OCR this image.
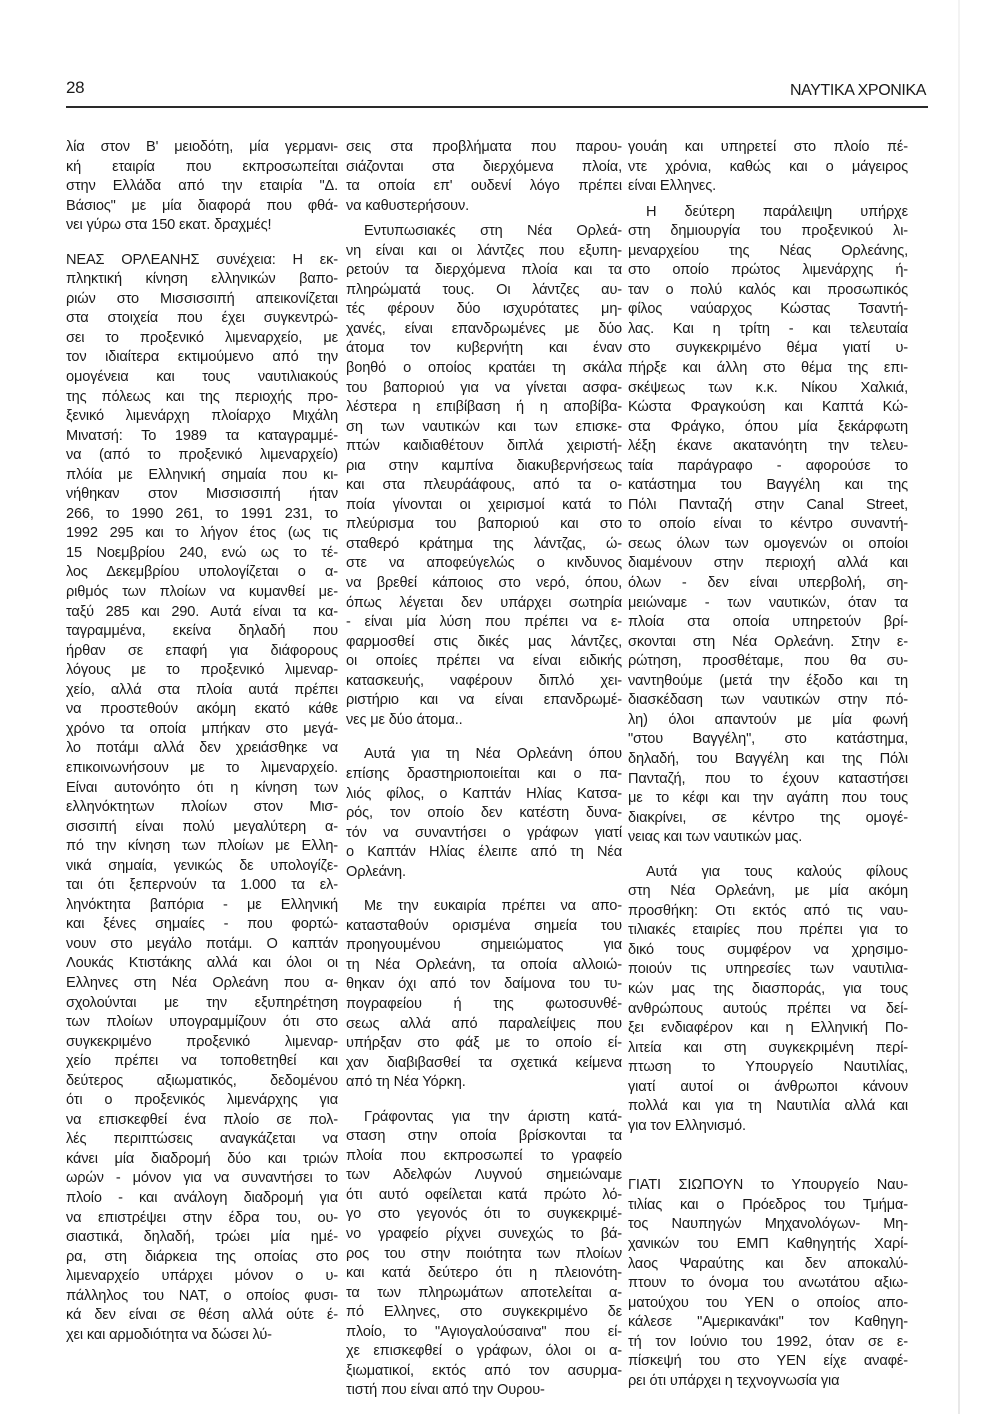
28	ΝΑΥΤΙΚΑ ΧΡΟΝΙΚΑ

λία στον Β' μειοδότη, μία γερμανι-
κή εταιρία που εκπροσωπείται
στην Ελλάδα από την εταιρία "Δ.
Βάσιος" με μία διαφορά που φθά-
νει γύρω στα 150 εκατ. δραχμές!

ΝΕΑΣ ΟΡΛΕΑΝΗΣ συνέχεια: Η εκ-
πληκτική κίνηση ελληνικών βαπο-
ριών στο Μισσισσιπή απεικονίζεται
στα στοιχεία που έχει συγκεντρώ-
σει το προξενικό λιμεναρχείο, με
τον ιδιαίτερα εκτιμούμενο από την
ομογένεια και τους ναυτιλιακούς
της πόλεως και της περιοχής προ-
ξενικό λιμενάρχη πλοίαρχο Μιχάλη
Μινατσή: Το 1989 τα καταγραμμέ-
να (από το προξενικό λιμεναρχείο)
πλόία με Ελληνική σημαία που κι-
νήθηκαν στον Μισσισσιπή ήταν
266, το 1990 261, το 1991 231, το
1992 295 και το λήγον έτος (ως τις
15 Νοεμβρίου 240, ενώ ως το τέ-
λος Δεκεμβρίου υπολογίζεται ο α-
ριθμός των πλοίων να κυμανθεί με-
ταξύ 285 και 290. Αυτά είναι τα κα-
ταγραμμένα, εκείνα δηλαδή που
ήρθαν σε επαφή για διάφορους
λόγους με το προξενικό λιμεναρ-
χείο, αλλά στα πλοία αυτά πρέπει
να προστεθούν ακόμη εκατό κάθε
χρόνο τα οποία μπήκαν στο μεγά-
λο ποτάμι αλλά δεν χρειάσθηκε να
επικοινωνήσουν με το λιμεναρχείο.
Είναι αυτονόητο ότι η κίνηση των
ελληνόκτητων πλοίων στον Μισ-
σισσιπή είναι πολύ μεγαλύτερη α-
πό την κίνηση των πλοίων με Ελλη-
νικά σημαία, γενικώς δε υπολογίζε-
ται ότι ξεπερνούν τα 1.000 τα ελ-
ληνόκτητα βαπόρια - με Ελληνική
και ξένες σημαίες - που φορτώ-
νουν στο μεγάλο ποτάμι. Ο καπτάν
Λουκάς Κτιστάκης αλλά και όλοι οι
Ελληνες στη Νέα Ορλεάνη που α-
σχολούνται με την εξυπηρέτηση
των πλοίων υπογραμμίζουν ότι στο
συγκεκριμένο προξενικό λιμεναρ-
χείο πρέπει να τοποθετηθεί και
δεύτερος αξιωματικός, δεδομένου
ότι ο προξενικός λιμενάρχης για
να επισκεφθεί ένα πλοίο σε πολ-
λές περιπτώσεις αναγκάζεται να
κάνει μία διαδρομή δύο και τριών
ωρών - μόνον για να συναντήσει το
πλοίο - και ανάλογη διαδρομή για
να επιστρέψει στην έδρα του, ου-
σιαστικά, δηλαδή, τρώει μία ημέ-
ρα, στη διάρκεια της οποίας στο
λιμεναρχείο υπάρχει μόνον ο υ-
πάλληλος του ΝΑΤ, ο οποίος φυσι-
κά δεν είναι σε θέση αλλά ούτε έ-
χει και αρμοδιότητα να δώσει λύ-

σεις στα προβλήματα που παρου-
σιάζονται στα διερχόμενα πλοία,
τα οποία επ' ουδενί λόγο πρέπει
να καθυστερήσουν.

Εντυπωσιακές στη Νέα Ορλεά-
νη είναι και οι λάντζες που εξυπη-
ρετούν τα διερχόμενα πλοία και τα
πληρώματά τους. Οι λάντζες αυ-
τές φέρουν δύο ισχυρότατες μη-
χανές, είναι επανδρωμένες με δύο
άτομα τον κυβερνήτη και έναν
βοηθό ο οποίος κρατάει τη σκάλα
του βαποριού για να γίνεται ασφα-
λέστερα η επιβίβαση ή η αποβίβα-
ση των ναυτικών και των επισκε-
πτών καιδιαθέτουν διπλά χειριστή-
ρια στην καμπίνα διακυβερνήσεως
και στα πλευράάφους, από τα ο-
ποία γίνονται οι χειρισμοί κατά το
πλεύρισμα του βαποριού και στο
σταθερό κράτημα της λάντζας, ώ-
στε να αποφεύγελώς ο κινδυνος
να βρεθεί κάποιος στο νερό, όπου,
όπως λέγεται δεν υπάρχει σωτηρία
- είναι μία λύση που πρέπει να ε-
φαρμοσθεί στις δικές μας λάντζες,
οι οποίες πρέπει να είναι ειδικής
κατασκευής, ναφέρουν διπλό χει-
ριστήριο και να είναι επανδρωμέ-
νες με δύο άτομα..

Αυτά για τη Νέα Ορλεάνη όπου
επίσης δραστηριοποιείται και ο πα-
λιός φίλος, ο Καπτάν Ηλίας Κατσα-
ρός, τον οποίο δεν κατέστη δυνα-
τόν να συναντήσει ο γράφων γιατί
ο Καπτάν Ηλίας έλειπε από τη Νέα
Ορλεάνη.

Με την ευκαιρία πρέπει να απο-
κατασταθούν ορισμένα σημεία του
προηγουμένου σημειώματος για
τη Νέα Ορλεάνη, τα οποία αλλοιώ-
θηκαν όχι από τον δαίμονα του τυ-
πογραφείου ή της φωτοσυνθέ-
σεως αλλά από παραλείψεις που
υπήρξαν στο φάξ με το οποίο εί-
χαν διαβιβασθεί τα σχετικά κείμενα
από τη Νέα Υόρκη.

Γράφοντας για την άριστη κατά-
σταση στην οποία βρίσκονται τα
πλοία που εκπροσωπεί το γραφείο
των Αδελφών Λυγνού σημειώναμε
ότι αυτό οφείλεται κατά πρώτο λό-
γο στο γεγονός ότι το συγκεκριμέ-
νο γραφείο ρίχνει συνεχώς το βά-
ρος του στην ποιότητα των πλοίων
και κατά δεύτερο ότι η πλειονότη-
τα των πληρωμάτων αποτελείται α-
πό Ελληνες, στο συγκεκριμένο δε
πλοίο, το "Αγιογαλούσαινα" που εί-
χε επισκεφθεί ο γράφων, όλοι οι α-
ξιωματικοί, εκτός από τον ασυρμα-
τιστή που είναι από την Ουρου-

γουάη και υπηρετεί στο πλοίο πέ-
ντε χρόνια, καθώς και ο μάγειρος
είναι Ελληνες.

Η δεύτερη παράλειψη υπήρχε
στη δημιουργία του προξενικού λι-
μεναρχείου της Νέας Ορλεάνης,
στο οποίο πρώτος λιμενάρχης ή-
ταν ο πολύ καλός και προσωπικός
φίλος ναύαρχος Κώστας Τσαντή-
λας. Και η τρίτη - και τελευταία
στο συγκεκριμένο θέμα γιατί υ-
πήρξε και άλλη στο θέμα της επι-
σκέψεως των κ.κ. Νίκου Χαλκιά,
Κώστα Φραγκούση και Καπτά Κώ-
στα Φράγκο, όπου μία ξεκάρφωτη
λέξη έκανε ακατανόητη την τελευ-
ταία παράγραφο - αφορούσε το
κατάστημα του Βαγγέλη και της
Πόλι Πανταζή στην Canal Street,
το οποίο είναι το κέντρο συναντή-
σεως όλων των ομογενών οι οποίοι
διαμένουν στην περιοχή αλλά και
όλων - δεν είναι υπερβολή, ση-
μειώναμε - των ναυτικών, όταν τα
πλοία στα οποία υπηρετούν βρί-
σκονται στη Νέα Ορλεάνη. Στην ε-
ρώτηση, προσθέταμε, που θα συ-
ναντηθούμε (μετά την έξοδο και τη
διασκέδαση των ναυτικών στην πό-
λη) όλοι απαντούν με μία φωνή
"στου Βαγγέλη", στο κατάστημα,
δηλαδή, του Βαγγέλη και της Πόλι
Πανταζή, που το έχουν καταστήσει
με το κέφι και την αγάπη που τους
διακρίνει, σε κέντρο της ομογέ-
νειας και των ναυτικών μας.

Αυτά για τους καλούς φίλους
στη Νέα Ορλεάνη, με μία ακόμη
προσθήκη: Οτι εκτός από τις ναυ-
τιλιακές εταιρίες που πρέπει για το
δικό τους συμφέρον να χρησιμο-
ποιούν τις υπηρεσίες των ναυτιλια-
κών μας της διασποράς, για τους
ανθρώπους αυτούς πρέπει να δεί-
ξει ενδιαφέρον και η Ελληνική Πο-
λιτεία και στη συγκεκριμένη περί-
πτωση το Υπουργείο Ναυτιλίας,
γιατί αυτοί οι άνθρωποι κάνουν
πολλά και για τη Ναυτιλία αλλά και
για τον Ελληνισμό.

ΓΙΑΤΙ ΣΙΩΠΟΥΝ το Υπουργείο Ναυ-
τιλίας και ο Πρόεδρος του Τμήμα-
τος Ναυπηγών Μηχανολόγων- Μη-
χανικών του ΕΜΠ Καθηγητής Χαρί-
λαος Ψαραύτης και δεν αποκαλύ-
πτουν το όνομα του ανωτάτου αξιω-
ματούχου του ΥΕΝ ο οποίος απο-
κάλεσε "Αμερικανάκι" τον Καθηγη-
τή τον Ιούνιο του 1992, όταν σε ε-
πίσκεψή του στο ΥΕΝ είχε αναφέ-
ρει ότι υπάρχει η τεχνογνωσία για
